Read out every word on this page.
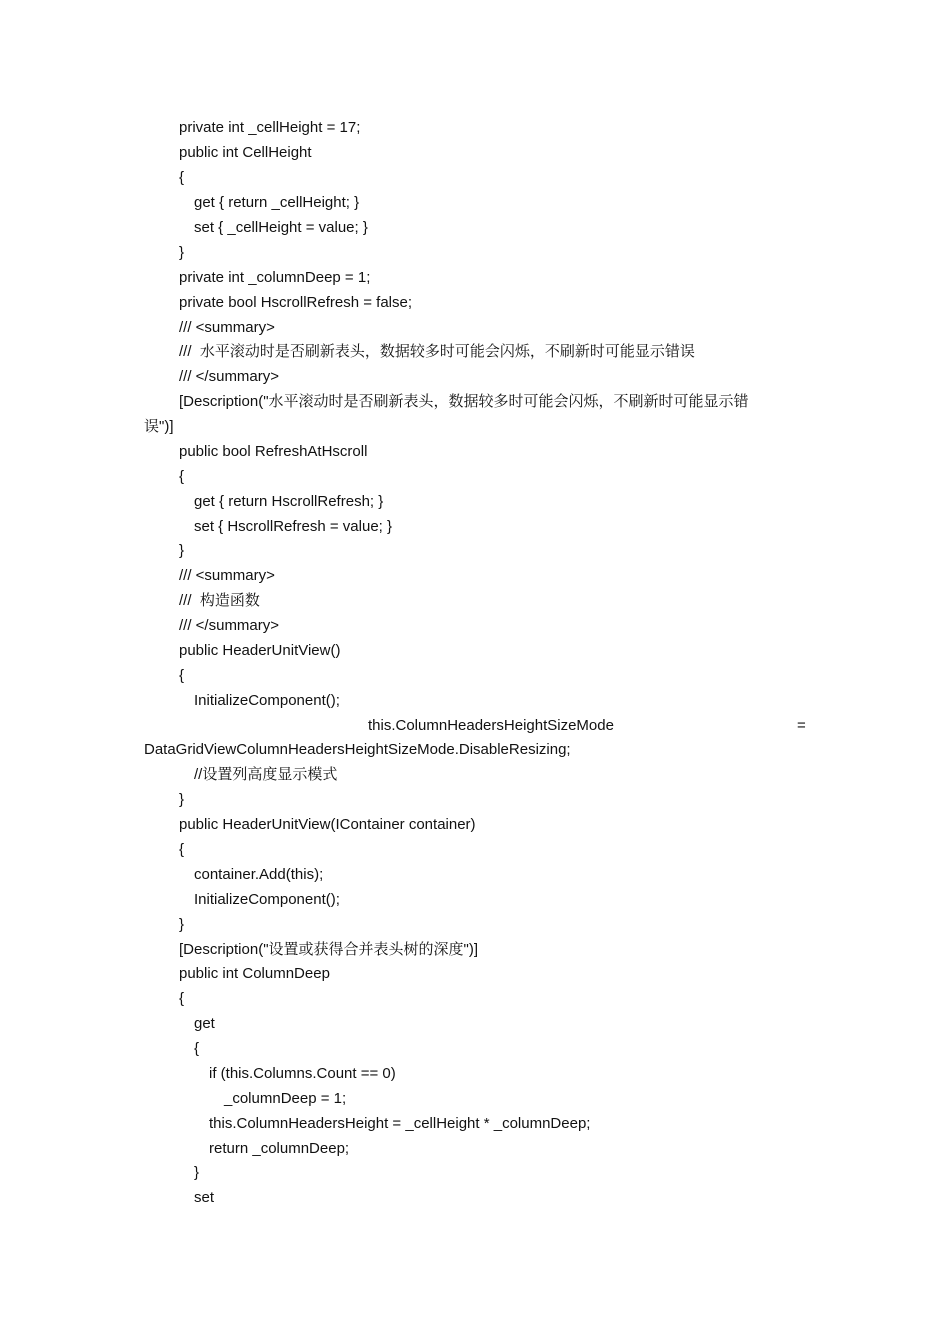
private int _cellHeight = 17;
public int CellHeight
{
get { return _cellHeight; }
set { _cellHeight = value; }
}
private int _columnDeep = 1;
private bool HscrollRefresh = false;
/// <summary>
///  水平滚动时是否刷新表头，数据较多时可能会闪烁，不刷新时可能显示错误
/// </summary>
[Description("水平滚动时是否刷新表头，数据较多时可能会闪烁，不刷新时可能显示错
误")]
public bool RefreshAtHscroll
{
get { return HscrollRefresh; }
set { HscrollRefresh = value; }
}
/// <summary>
///  构造函数
/// </summary>
public HeaderUnitView()
{
InitializeComponent();
this.ColumnHeadersHeightSizeMode	=
DataGridViewColumnHeadersHeightSizeMode.DisableResizing;
//设置列高度显示模式
}
public HeaderUnitView(IContainer container)
{
container.Add(this);
InitializeComponent();
}
[Description("设置或获得合并表头树的深度")]
public int ColumnDeep
{
get
{
if (this.Columns.Count == 0)
_columnDeep = 1;
this.ColumnHeadersHeight = _cellHeight * _columnDeep;
return _columnDeep;
}
set
